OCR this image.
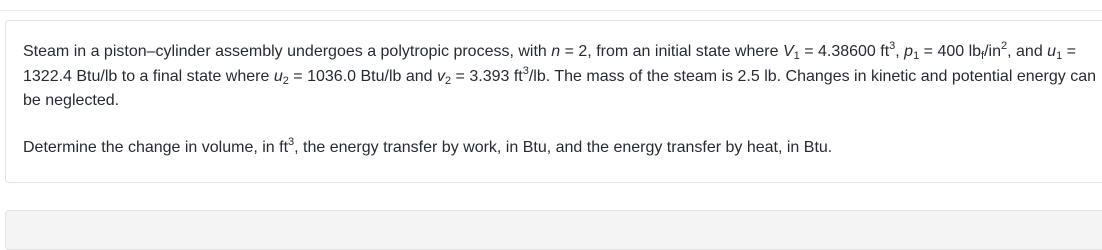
Steam in a piston–cylinder assembly undergoes a polytropic process, with n = 2, from an initial state where $V_1 = 4.38600$ $ft^3$, $p_1 = 400$ $lb_f/in^2$, and $u_1 = 1322.4$ Btu/lb to a final state where $u_2 = 1036.0$ Btu/lb and $v_2 = 3.393$ $ft^3/lb$. The mass of the steam is 2.5 lb. Changes in kinetic and potential energy can be neglected.

Determine the change in volume, in $ft^3$, the energy transfer by work, in Btu, and the energy transfer by heat, in Btu.
